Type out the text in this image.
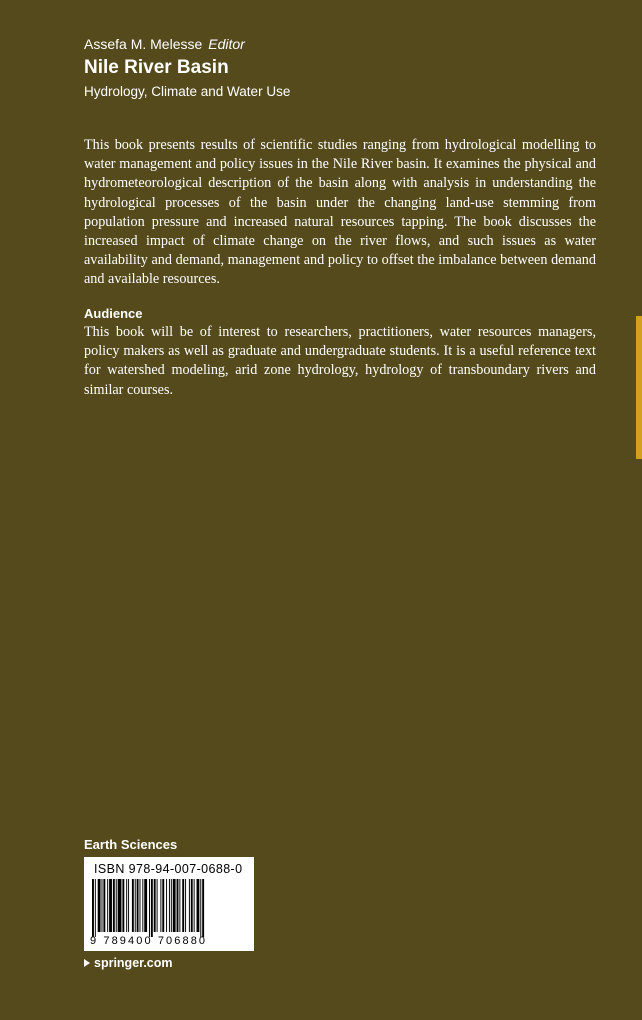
Assefa M. Melesse Editor
Nile River Basin
Hydrology, Climate and Water Use

This book presents results of scientific studies ranging from hydrological modelling to water management and policy issues in the Nile River basin. It examines the physical and hydrometeorological description of the basin along with analysis in understanding the hydrological processes of the basin under the changing land-use stemming from population pressure and increased natural resources tapping. The book discusses the increased impact of climate change on the river flows, and such issues as water availability and demand, management and policy to offset the imbalance between demand and available resources.

Audience

This book will be of interest to researchers, practitioners, water resources managers, policy makers as well as graduate and undergraduate students. It is a useful reference text for watershed modeling, arid zone hydrology, hydrology of transboundary rivers and similar courses.

Earth Sciences
ISBN 978-94-007-0688-0
9 789400 706880
springer.com
